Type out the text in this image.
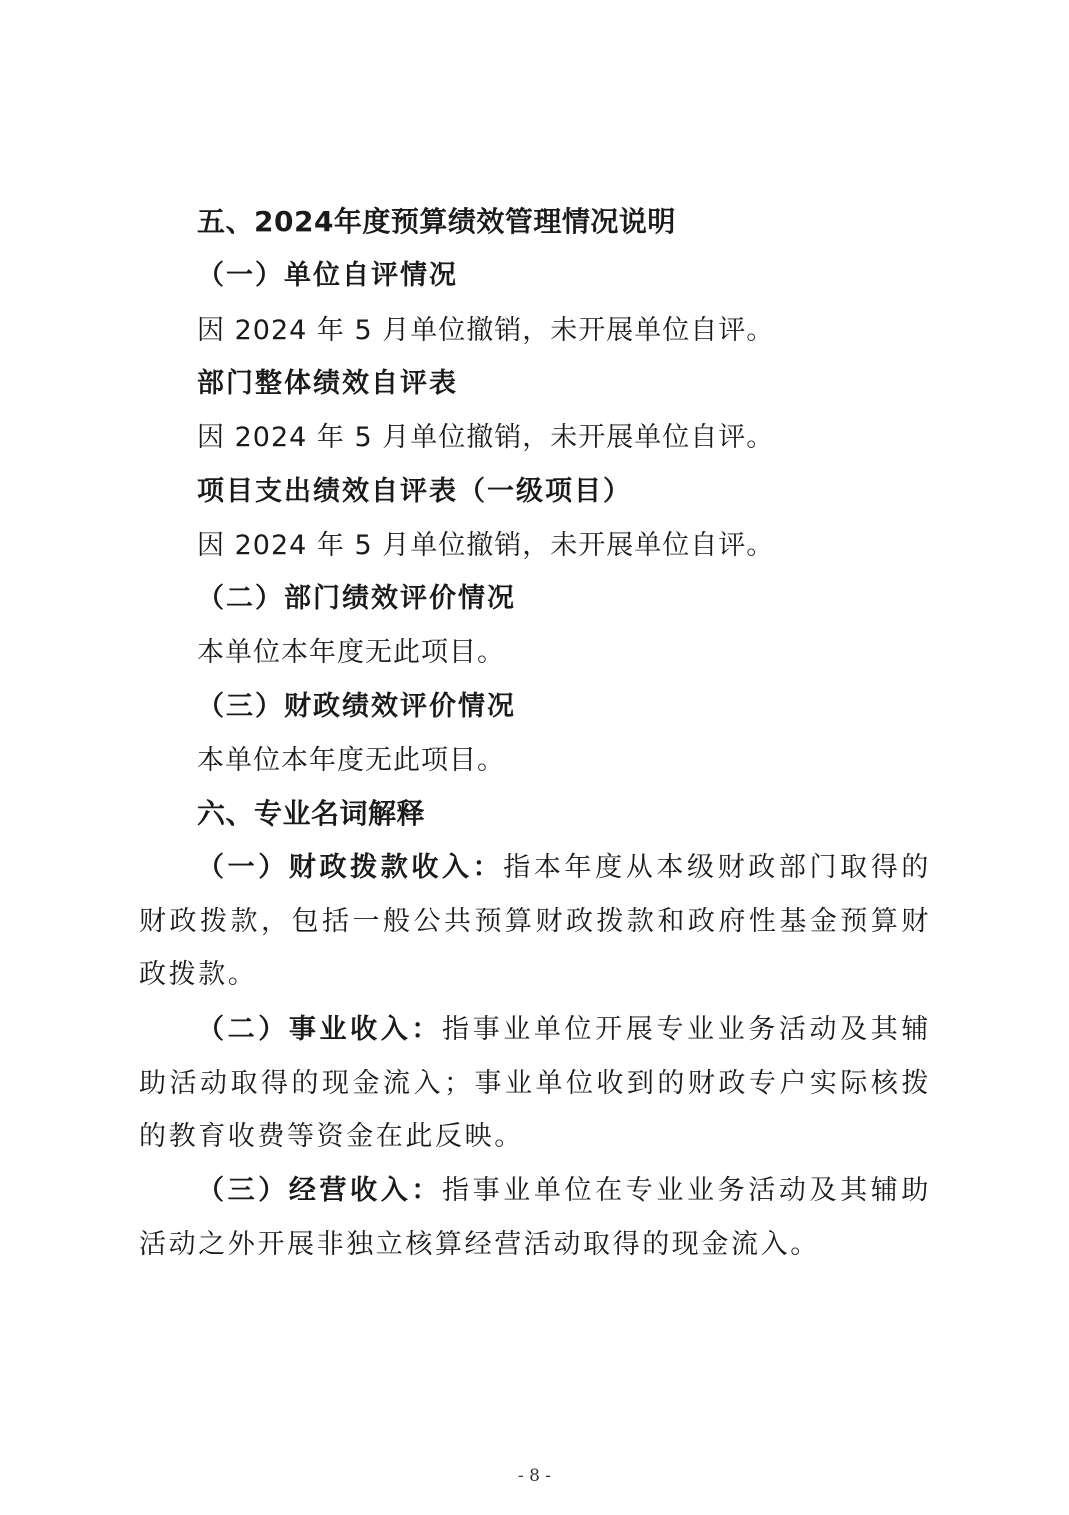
五、2024年度预算绩效管理情况说明
（一）单位自评情况
因 2024 年 5 月单位撤销，未开展单位自评。
部门整体绩效自评表
因 2024 年 5 月单位撤销，未开展单位自评。
项目支出绩效自评表（一级项目）
因 2024 年 5 月单位撤销，未开展单位自评。
（二）部门绩效评价情况
本单位本年度无此项目。
（三）财政绩效评价情况
本单位本年度无此项目。
六、专业名词解释
（一）财政拨款收入：指本年度从本级财政部门取得的财政拨款，包括一般公共预算财政拨款和政府性基金预算财政拨款。
（二）事业收入：指事业单位开展专业业务活动及其辅助活动取得的现金流入；事业单位收到的财政专户实际核拨的教育收费等资金在此反映。
（三）经营收入：指事业单位在专业业务活动及其辅助活动之外开展非独立核算经营活动取得的现金流入。
- 8 -
